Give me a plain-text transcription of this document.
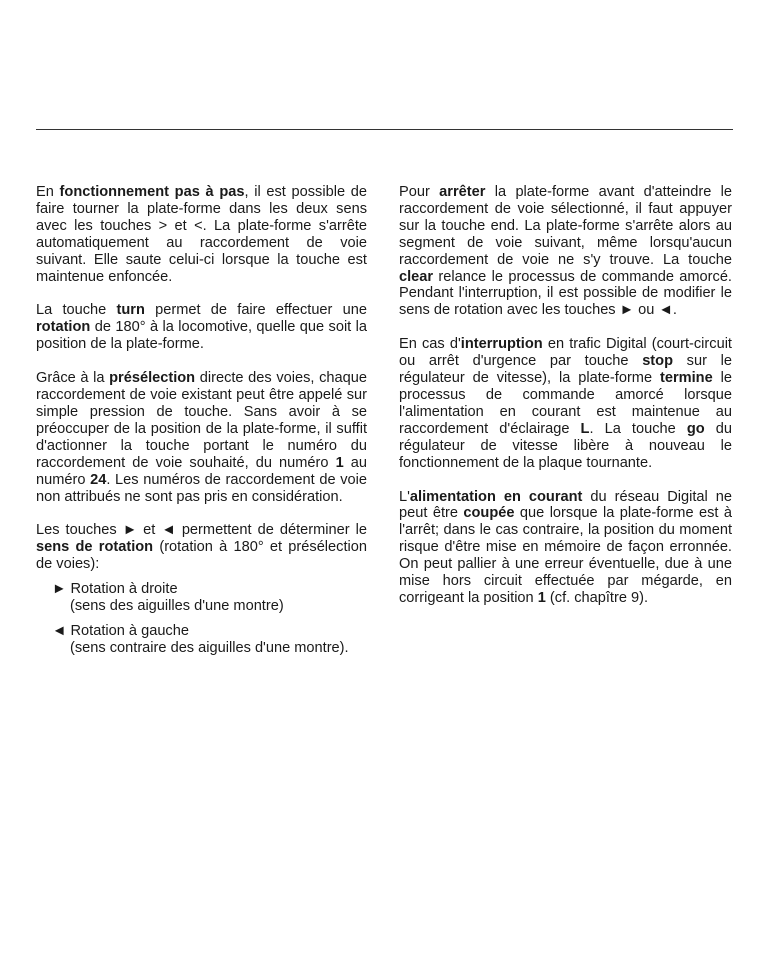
En fonctionnement pas à pas, il est possible de faire tourner la plate-forme dans les deux sens avec les touches > et <. La plate-forme s'arrête automatiquement au raccordement de voie suivant. Elle saute celui-ci lorsque la touche est maintenue enfoncée.

La touche turn permet de faire effectuer une rotation de 180° à la locomotive, quelle que soit la position de la plate-forme.

Grâce à la présélection directe des voies, chaque raccordement de voie existant peut être appelé sur simple pression de touche. Sans avoir à se préoccuper de la position de la plate-forme, il suffit d'actionner la touche portant le numéro du raccordement de voie souhaité, du numéro 1 au numéro 24. Les numéros de raccordement de voie non attribués ne sont pas pris en considération.

Les touches ► et ◄ permettent de déterminer le sens de rotation (rotation à 180° et présélection de voies):

► Rotation à droite
(sens des aiguilles d'une montre)
◄ Rotation à gauche
(sens contraire des aiguilles d'une montre).

Pour arrêter la plate-forme avant d'atteindre le raccordement de voie sélectionné, il faut appuyer sur la touche end. La plate-forme s'arrête alors au segment de voie suivant, même lorsqu'aucun raccordement de voie ne s'y trouve. La touche clear relance le processus de commande amorcé. Pendant l'interruption, il est possible de modifier le sens de rotation avec les touches ► ou ◄.

En cas d'interruption en trafic Digital (court-circuit ou arrêt d'urgence par touche stop sur le régulateur de vitesse), la plate-forme termine le processus de commande amorcé lorsque l'alimentation en courant est maintenue au raccordement d'éclairage L. La touche go du régulateur de vitesse libère à nouveau le fonctionnement de la plaque tournante.

L'alimentation en courant du réseau Digital ne peut être coupée que lorsque la plate-forme est à l'arrêt; dans le cas contraire, la position du moment risque d'être mise en mémoire de façon erronnée. On peut pallier à une erreur éventuelle, due à une mise hors circuit effectuée par mégarde, en corrigeant la position 1 (cf. chapître 9).
